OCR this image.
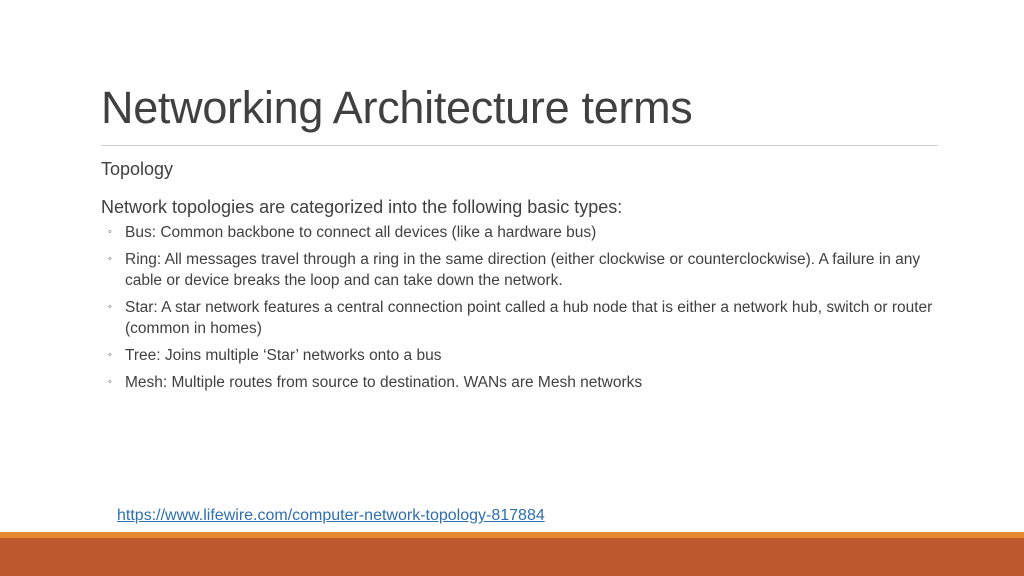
Networking Architecture terms
Topology
Network topologies are categorized into the following basic types:
◦ Bus: Common backbone to connect all devices (like a hardware bus)
◦ Ring: All messages travel through a ring in the same direction (either clockwise or counterclockwise). A failure in any cable or device breaks the loop and can take down the network.
◦ Star: A star network features a central connection point called a hub node that is either a network hub, switch or router (common in homes)
◦ Tree: Joins multiple ‘Star’ networks onto a bus
◦ Mesh: Multiple routes from source to destination. WANs are Mesh networks
https://www.lifewire.com/computer-network-topology-817884
